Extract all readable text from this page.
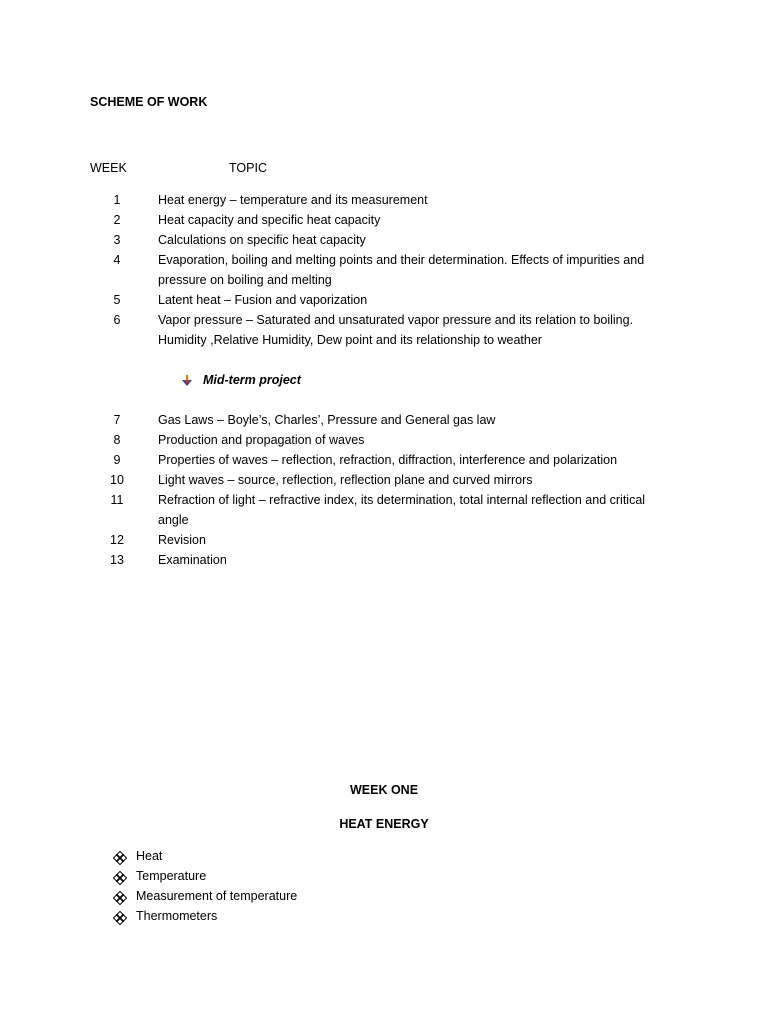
SCHEME OF WORK
WEEK	TOPIC
1	Heat energy – temperature and its measurement
2	Heat capacity and specific heat capacity
3	Calculations on specific heat capacity
4	Evaporation, boiling and melting points and their determination. Effects of impurities and pressure on boiling and melting
5	Latent heat – Fusion and vaporization
6	Vapor pressure – Saturated and unsaturated vapor pressure and its relation to boiling. Humidity ,Relative Humidity, Dew point and its relationship to weather
Mid-term project
7	Gas Laws – Boyle’s, Charles’, Pressure and General gas law
8	Production and propagation of waves
9	Properties of waves – reflection, refraction, diffraction, interference and polarization
10	Light waves – source, reflection, reflection plane and curved mirrors
11	Refraction of light – refractive index, its determination, total internal reflection and critical angle
12	Revision
13	Examination
WEEK ONE
HEAT ENERGY
Heat
Temperature
Measurement of temperature
Thermometers
